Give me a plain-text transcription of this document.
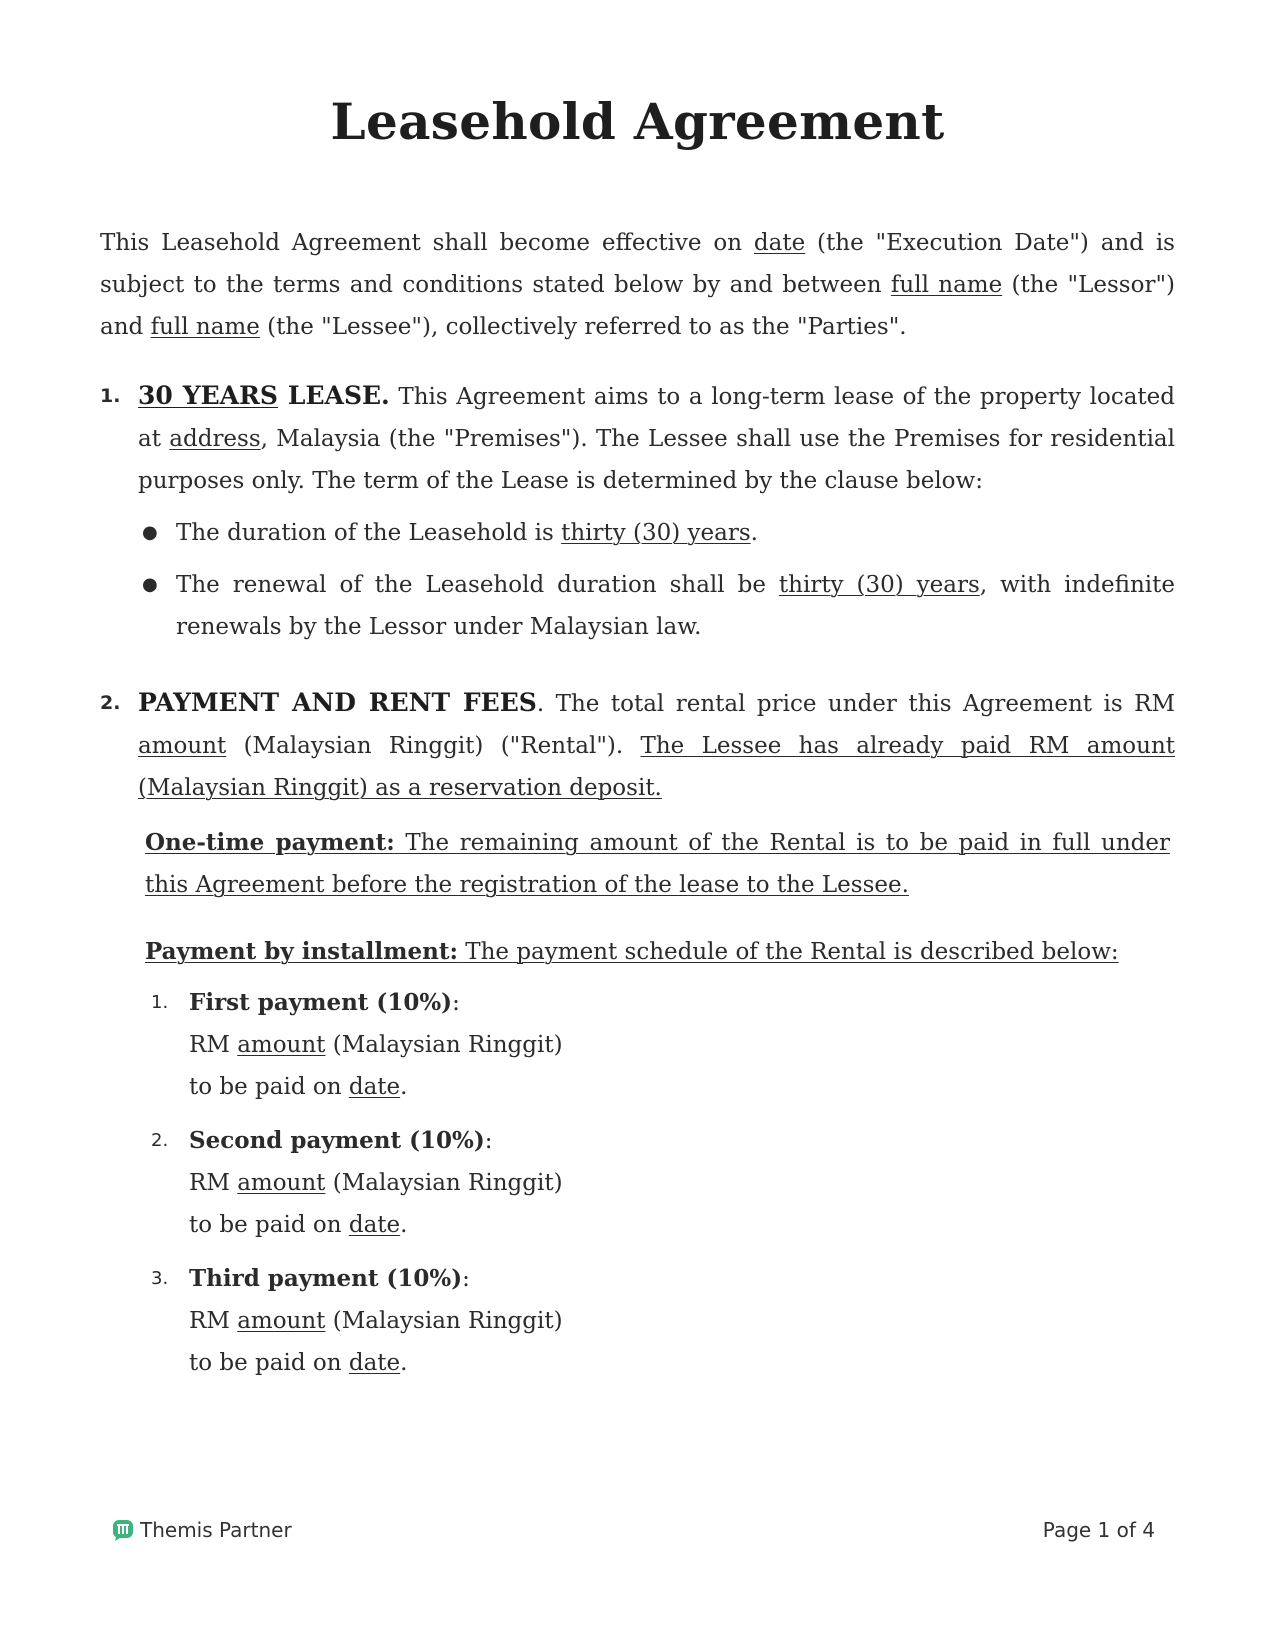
Leasehold Agreement

This Leasehold Agreement shall become effective on date (the "Execution Date") and is subject to the terms and conditions stated below by and between full name (the "Lessor") and full name (the "Lessee"), collectively referred to as the "Parties".

1. 30 YEARS LEASE. This Agreement aims to a long-term lease of the property located at address, Malaysia (the "Premises"). The Lessee shall use the Premises for residential purposes only. The term of the Lease is determined by the clause below:

● The duration of the Leasehold is thirty (30) years.
● The renewal of the Leasehold duration shall be thirty (30) years, with indefinite renewals by the Lessor under Malaysian law.
2. PAYMENT AND RENT FEES. The total rental price under this Agreement is RM amount (Malaysian Ringgit) ("Rental"). The Lessee has already paid RM amount (Malaysian Ringgit) as a reservation deposit.

One-time payment: The remaining amount of the Rental is to be paid in full under this Agreement before the registration of the lease to the Lessee.

Payment by installment: The payment schedule of the Rental is described below:

1. First payment (10%):
RM amount (Malaysian Ringgit)
to be paid on date.
2. Second payment (10%):
RM amount (Malaysian Ringgit)
to be paid on date.
3. Third payment (10%):
RM amount (Malaysian Ringgit)
to be paid on date.
Themis Partner	Page 1 of 4
